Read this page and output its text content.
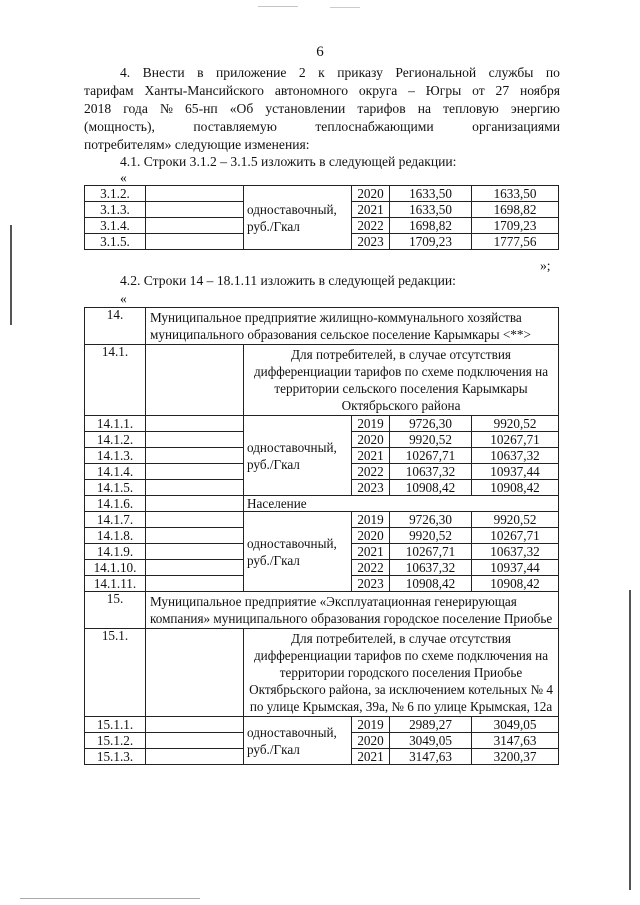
6
4. Внести в приложение 2 к приказу Региональной службы по
тарифам Ханты-Мансийского автономного округа – Югры от 27 ноября
2018 года № 65-нп «Об установлении тарифов на тепловую энергию
(мощность),	поставляемую	теплоснабжающими	организациями
потребителям» следующие изменения:
4.1. Строки 3.1.2 – 3.1.5 изложить в следующей редакции:
«
3.1.2.		одноставочный,
руб./Гкал	2020	1633,50	1633,50
3.1.3.			2021	1633,50	1698,82
3.1.4.			2022	1698,82	1709,23
3.1.5.			2023	1709,23	1777,56
»;
4.2. Строки 14 – 18.1.11 изложить в следующей редакции:
«
14.	Муниципальное предприятие жилищно-коммунального хозяйства муниципального образования сельское поселение Карымкары <**>				
14.1.		Для потребителей, в случае отсутствия дифференциации тарифов по схеме подключения на территории сельского поселения Карымкары Октябрьского района			
14.1.1.		одноставочный,
руб./Гкал	2019	9726,30	9920,52
14.1.2.			2020	9920,52	10267,71
14.1.3.			2021	10267,71	10637,32
14.1.4.			2022	10637,32	10937,44
14.1.5.			2023	10908,42	10908,42
14.1.6.		Население			
14.1.7.		одноставочный,
руб./Гкал	2019	9726,30	9920,52
14.1.8.			2020	9920,52	10267,71
14.1.9.			2021	10267,71	10637,32
14.1.10.			2022	10637,32	10937,44
14.1.11.			2023	10908,42	10908,42
15.	Муниципальное предприятие «Эксплуатационная генерирующая компания» муниципального образования городское поселение Приобье				
15.1.		Для потребителей, в случае отсутствия дифференциации тарифов по схеме подключения на территории городского поселения Приобье Октябрьского района, за исключением котельных № 4 по улице Крымская, 39а, № 6 по улице Крымская, 12а			
15.1.1.		одноставочный,
руб./Гкал	2019	2989,27	3049,05
15.1.2.			2020	3049,05	3147,63
15.1.3.			2021	3147,63	3200,37
